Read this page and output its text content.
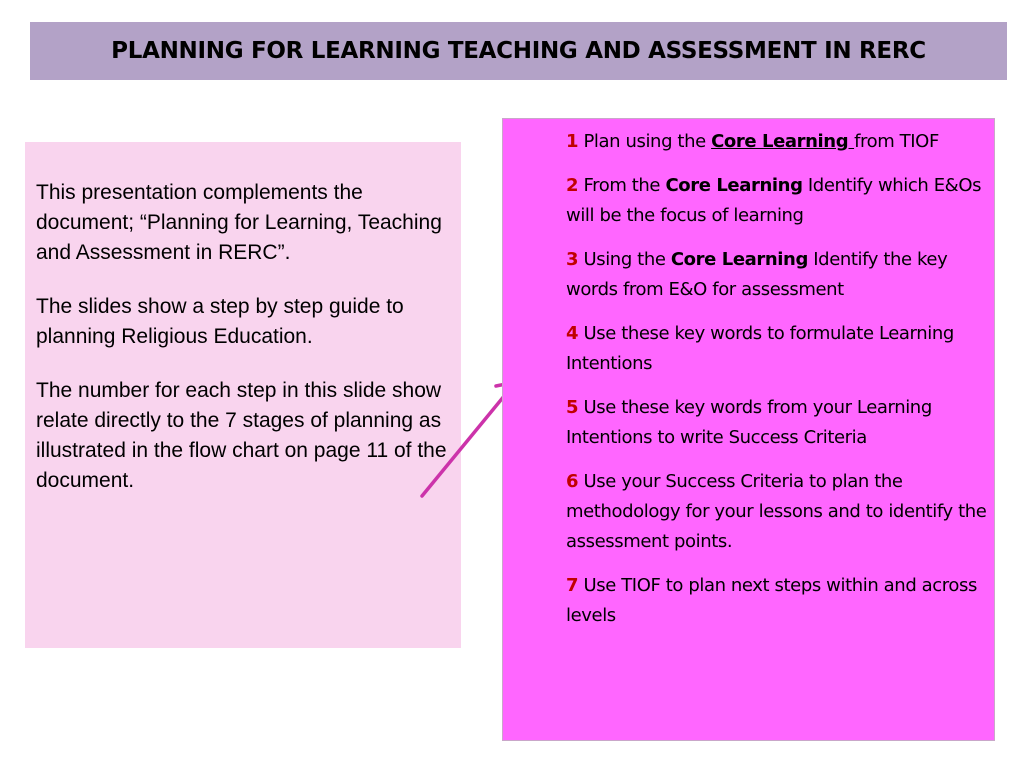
PLANNING FOR LEARNING TEACHING AND ASSESSMENT IN RERC

This presentation complements the document; “Planning for Learning, Teaching and Assessment in RERC”.

The slides show a step by step guide to planning Religious Education.

The number for each step in this slide show relate directly to the 7 stages of planning as illustrated in the flow chart on page 11 of the document.

1 Plan using the Core Learning from TIOF

2 From the Core Learning Identify which E&Os will be the focus of learning

3 Using the Core Learning Identify the key words from E&O for assessment

4 Use these key words to formulate Learning Intentions

5 Use these key words from your Learning Intentions to write Success Criteria

6 Use your Success Criteria to plan the methodology for your lessons and to identify the assessment points.

7 Use TIOF to plan next steps within and across levels
